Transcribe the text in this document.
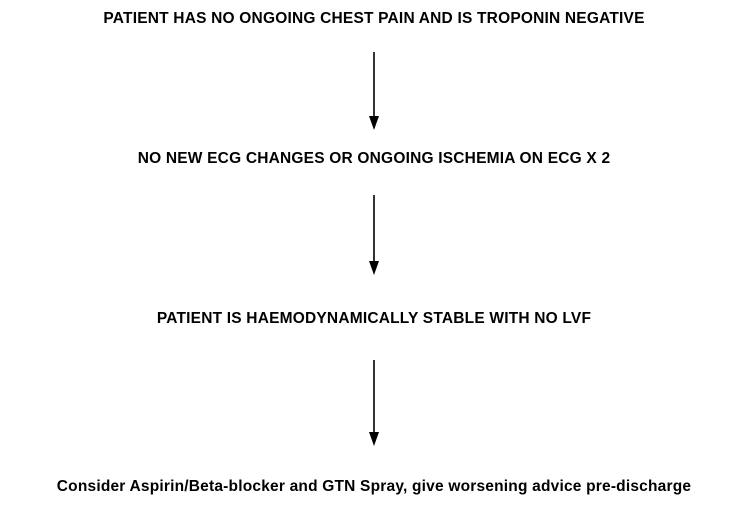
PATIENT HAS NO ONGOING CHEST PAIN AND IS TROPONIN NEGATIVE
NO NEW ECG CHANGES OR ONGOING ISCHEMIA ON ECG X 2
PATIENT IS HAEMODYNAMICALLY STABLE WITH NO LVF
Consider Aspirin/Beta-blocker and GTN Spray, give worsening advice pre-discharge
